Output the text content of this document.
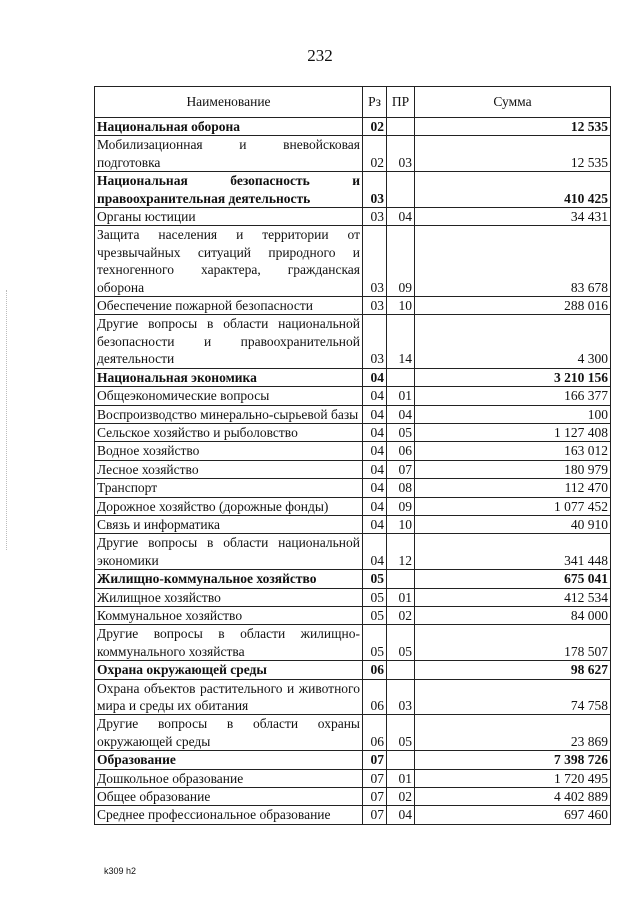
232
Наименование	Рз	ПР	Сумма
Национальная оборона	02		12 535
Мобилизационная и вневойсковая подготовка	02	03	12 535
Национальная безопасность и правоохранительная деятельность	03		410 425
Органы юстиции	03	04	34 431
Защита населения и территории от чрезвычайных ситуаций природного и техногенного характера, гражданская оборона	03	09	83 678
Обеспечение пожарной безопасности	03	10	288 016
Другие вопросы в области национальной безопасности и правоохранительной деятельности	03	14	4 300
Национальная экономика	04		3 210 156
Общеэкономические вопросы	04	01	166 377
Воспроизводство минерально-сырьевой базы	04	04	100
Сельское хозяйство и рыболовство	04	05	1 127 408
Водное хозяйство	04	06	163 012
Лесное хозяйство	04	07	180 979
Транспорт	04	08	112 470
Дорожное хозяйство (дорожные фонды)	04	09	1 077 452
Связь и информатика	04	10	40 910
Другие вопросы в области национальной экономики	04	12	341 448
Жилищно-коммунальное хозяйство	05		675 041
Жилищное хозяйство	05	01	412 534
Коммунальное хозяйство	05	02	84 000
Другие вопросы в области жилищно-коммунального хозяйства	05	05	178 507
Охрана окружающей среды	06		98 627
Охрана объектов растительного и животного мира и среды их обитания	06	03	74 758
Другие вопросы в области охраны окружающей среды	06	05	23 869
Образование	07		7 398 726
Дошкольное образование	07	01	1 720 495
Общее образование	07	02	4 402 889
Среднее профессиональное образование	07	04	697 460
k309 h2
